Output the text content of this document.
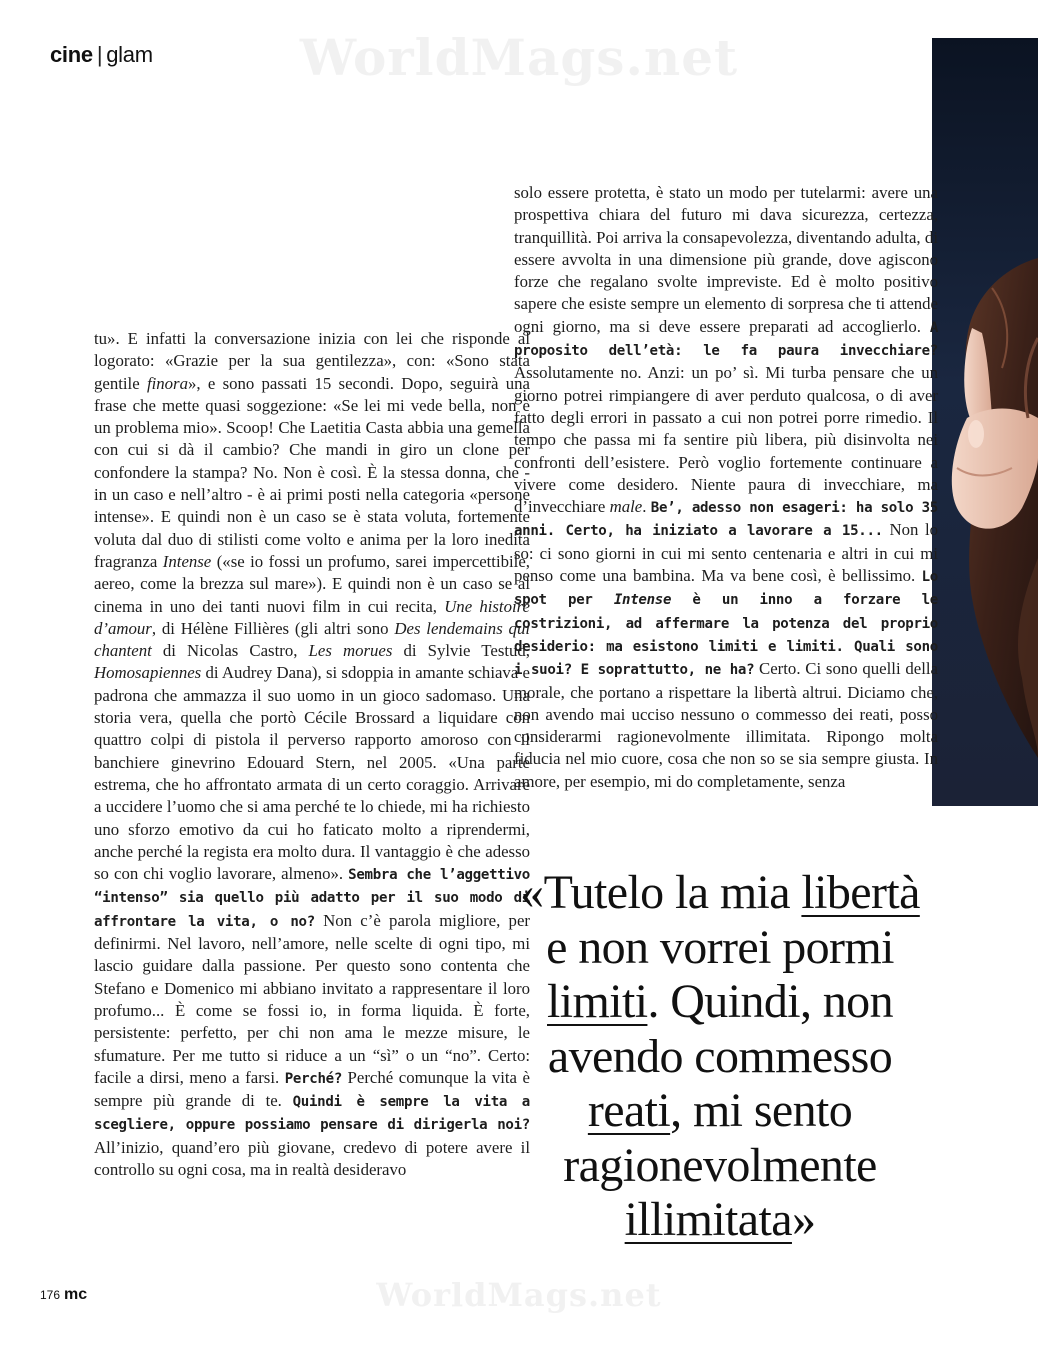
cine | glam	WorldMags.net
tu». E infatti la conversazione inizia con lei che risponde al logorato: «Grazie per la sua gentilezza», con: «Sono stata gentile finora», e sono passati 15 secondi. Dopo, seguirà una frase che mette quasi soggezione: «Se lei mi vede bella, non è un problema mio». Scoop! Che Laetitia Casta abbia una gemella con cui si dà il cambio? Che mandi in giro un clone per confondere la stampa? No. Non è così. È la stessa donna, che - in un caso e nell’altro - è ai primi posti nella categoria «persone intense». E quindi non è un caso se è stata voluta, fortemente voluta dal duo di stilisti come volto e anima per la loro inedita fragranza Intense («se io fossi un profumo, sarei impercettibile, aereo, come la brezza sul mare»). E quindi non è un caso se al cinema in uno dei tanti nuovi film in cui recita, Une histoire d’amour, di Hélène Fillières (gli altri sono Des lendemains qui chantent di Nicolas Castro, Les morues di Sylvie Testud, Homosapiennes di Audrey Dana), si sdoppia in amante schiava e padrona che ammazza il suo uomo in un gioco sadomaso. Una storia vera, quella che portò Cécile Brossard a liquidare con quattro colpi di pistola il perverso rapporto amoroso con il banchiere ginevrino Edouard Stern, nel 2005. «Una parte estrema, che ho affrontato armata di un certo coraggio. Arrivare a uccidere l’uomo che si ama perché te lo chiede, mi ha richiesto uno sforzo emotivo da cui ho faticato molto a riprendermi, anche perché la regista era molto dura. Il vantaggio è che adesso so con chi voglio lavorare, almeno». Sembra che l’aggettivo “intenso” sia quello più adatto per il suo modo di affrontare la vita, o no? Non c’è parola migliore, per definirmi. Nel lavoro, nell’amore, nelle scelte di ogni tipo, mi lascio guidare dalla passione. Per questo sono contenta che Stefano e Domenico mi abbiano invitato a rappresentare il loro profumo... È come se fossi io, in forma liquida. È forte, persistente: perfetto, per chi non ama le mezze misure, le sfumature. Per me tutto si riduce a un “sì” o un “no”. Certo: facile a dirsi, meno a farsi. Perché? Perché comunque la vita è sempre più grande di te. Quindi è sempre la vita a scegliere, oppure possiamo pensare di dirigerla noi? All’inizio, quand’ero più giovane, credevo di potere avere il controllo su ogni cosa, ma in realtà desideravo
solo essere protetta, è stato un modo per tutelarmi: avere una prospettiva chiara del futuro mi dava sicurezza, certezza, tranquillità. Poi arriva la consapevolezza, diventando adulta, di essere avvolta in una dimensione più grande, dove agiscono forze che regalano svolte impreviste. Ed è molto positivo sapere che esiste sempre un elemento di sorpresa che ti attende ogni giorno, ma si deve essere preparati ad accoglierlo. A proposito dell’età: le fa paura invecchiare? Assolutamente no. Anzi: un po’ sì. Mi turba pensare che un giorno potrei rimpiangere di aver perduto qualcosa, o di aver fatto degli errori in passato a cui non potrei porre rimedio. Il tempo che passa mi fa sentire più libera, più disinvolta nei confronti dell’esistere. Però voglio fortemente continuare a vivere come desidero. Niente paura di invecchiare, ma d’invecchiare male. Be’, adesso non esageri: ha solo 35 anni. Certo, ha iniziato a lavorare a 15... Non lo so: ci sono giorni in cui mi sento centenaria e altri in cui mi penso come una bambina. Ma va bene così, è bellissimo. Lo spot per Intense è un inno a forzare le costrizioni, ad affermare la potenza del proprio desiderio: ma esistono limiti e limiti. Quali sono i suoi? E soprattutto, ne ha? Certo. Ci sono quelli della morale, che portano a rispettare la libertà altrui. Diciamo che, non avendo mai ucciso nessuno o commesso dei reati, posso considerarmi ragionevolmente illimitata. Ripongo molta fiducia nel mio cuore, cosa che non so se sia sempre giusta. In amore, per esempio, mi do completamente, senza
«Tutelo la mia libertà e non vorrei pormi limiti. Quindi, non avendo commesso reati, mi sento ragionevolmente illimitata»
WorldMags.net
176 mc
